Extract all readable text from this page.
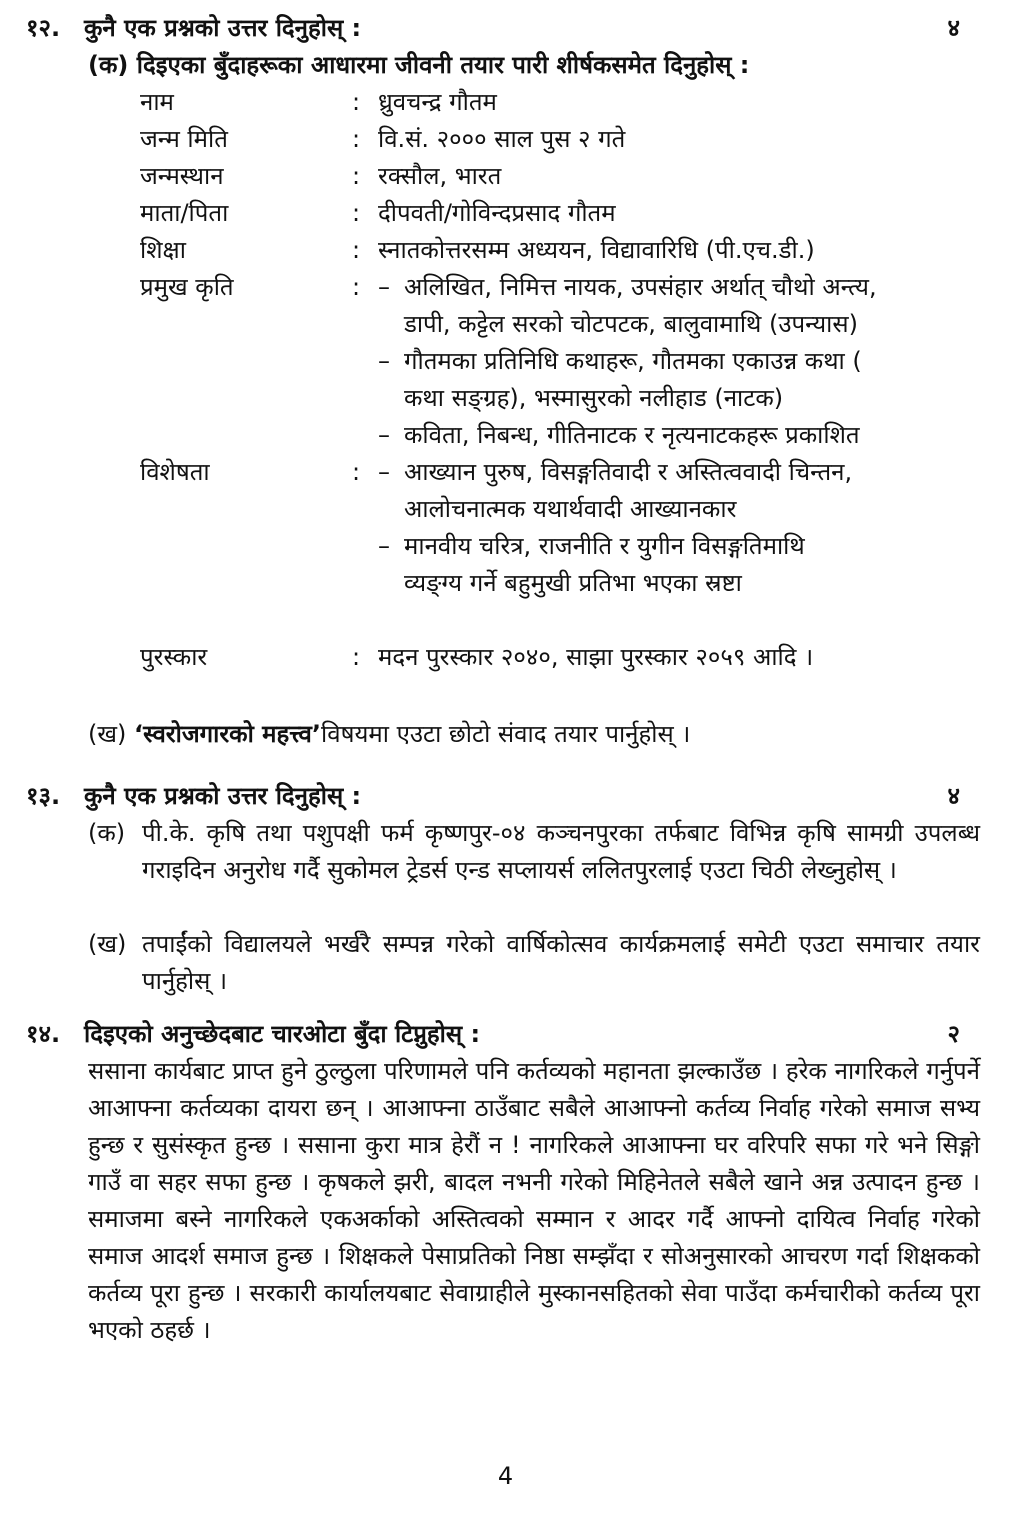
१२. कुनै एक प्रश्नको उत्तर दिनुहोस् :	४
(क) दिइएका बुँदाहरूका आधारमा जीवनी तयार पारी शीर्षकसमेत दिनुहोस् :
नाम	: ध्रुवचन्द्र गौतम
जन्म मिति	: वि.सं. २००० साल पुस २ गते
जन्मस्थान	: रक्सौल, भारत
माता/पिता	: दीपवती/गोविन्दप्रसाद गौतम
शिक्षा	: स्नातकोत्तरसम्म अध्ययन, विद्यावारिधि (पी.एच.डी.)
प्रमुख कृति	: – अलिखित, निमित्त नायक, उपसंहार अर्थात् चौथो अन्त्य,
डापी, कट्टेल सरको चोटपटक, बालुवामाथि (उपन्यास)
– गौतमका प्रतिनिधि कथाहरू, गौतमका एकाउन्न कथा (
कथा सङ्ग्रह), भस्मासुरको नलीहाड (नाटक)
– कविता, निबन्ध, गीतिनाटक र नृत्यनाटकहरू प्रकाशित
विशेषता	: – आख्यान पुरुष, विसङ्गतिवादी र अस्तित्ववादी चिन्तन,
आलोचनात्मक यथार्थवादी आख्यानकार
– मानवीय चरित्र, राजनीति र युगीन विसङ्गतिमाथि
व्यङ्ग्य गर्ने बहुमुखी प्रतिभा भएका स्रष्टा
पुरस्कार	: मदन पुरस्कार २०४०, साझा पुरस्कार २०५९ आदि ।
(ख)
‘स्वरोजगारको महत्त्व’ विषयमा एउटा छोटो संवाद तयार पार्नुहोस् ।
१३. कुनै एक प्रश्नको उत्तर दिनुहोस् :	४
(क) पी.के. कृषि तथा पशुपक्षी फर्म कृष्णपुर-०४ कञ्चनपुरका तर्फबाट विभिन्न कृषि सामग्री उपलब्ध गराइदिन अनुरोध गर्दै सुकोमल ट्रेडर्स एन्ड सप्लायर्स ललितपुरलाई एउटा चिठी लेख्नुहोस् ।
(ख) तपाईंको विद्यालयले भर्खरै सम्पन्न गरेको वार्षिकोत्सव कार्यक्रमलाई समेटी एउटा समाचार तयार पार्नुहोस् ।
१४. दिइएको अनुच्छेदबाट चारओटा बुँदा टिप्नुहोस् :	२
ससाना कार्यबाट प्राप्त हुने ठुल्ठुला परिणामले पनि कर्तव्यको महानता झल्काउँछ । हरेक नागरिकले गर्नुपर्ने आआफ्ना कर्तव्यका दायरा छन् । आआफ्ना ठाउँबाट सबैले आआफ्नो कर्तव्य निर्वाह गरेको समाज सभ्य हुन्छ र सुसंस्कृत हुन्छ । ससाना कुरा मात्र हेरौं न ! नागरिकले आआफ्ना घर वरिपरि सफा गरे भने सिङ्गो गाउँ वा सहर सफा हुन्छ । कृषकले झरी, बादल नभनी गरेको मिहिनेतले सबैले खाने अन्न उत्पादन हुन्छ । समाजमा बस्ने नागरिकले एकअर्काको अस्तित्वको सम्मान र आदर गर्दै आफ्नो दायित्व निर्वाह गरेको समाज आदर्श समाज हुन्छ । शिक्षकले पेसाप्रतिको निष्ठा सम्झँदा र सोअनुसारको आचरण गर्दा शिक्षकको कर्तव्य पूरा हुन्छ । सरकारी कार्यालयबाट सेवाग्राहीले मुस्कानसहितको सेवा पाउँदा कर्मचारीको कर्तव्य पूरा भएको ठहर्छ ।
4
